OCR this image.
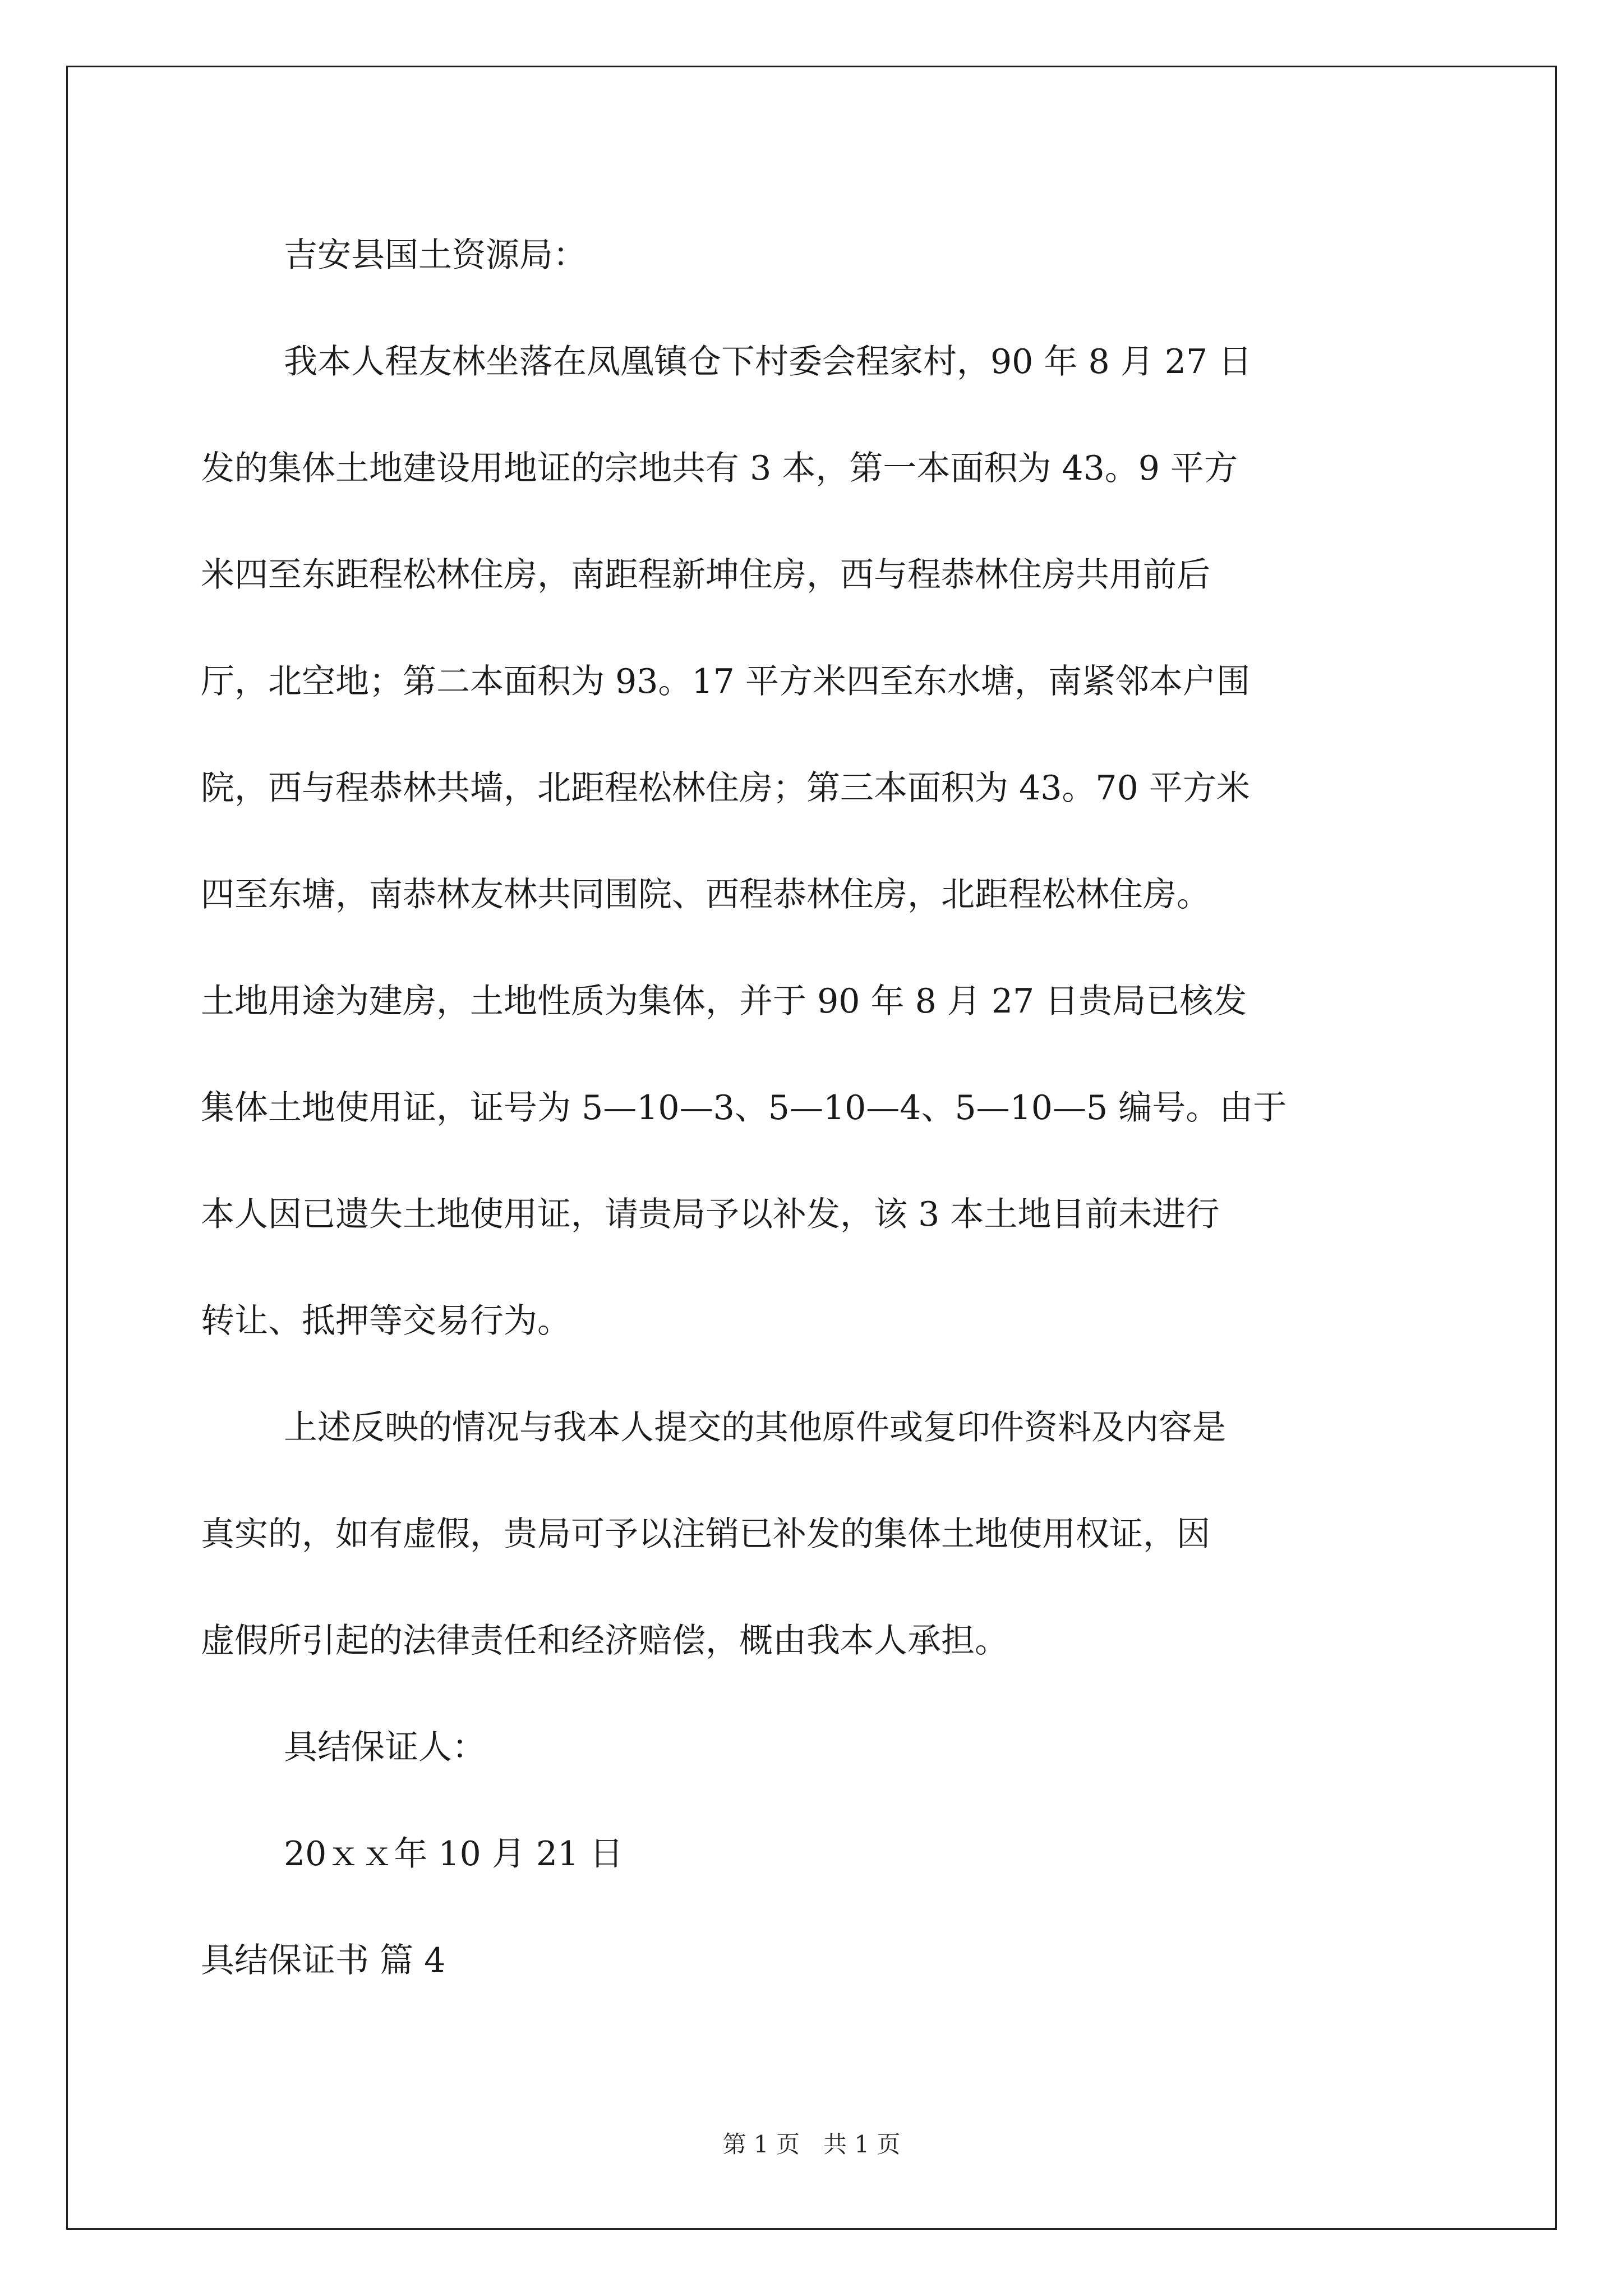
吉安县国土资源局：

我本人程友林坐落在凤凰镇仓下村委会程家村，90 年 8 月 27 日

发的集体土地建设用地证的宗地共有 3 本，第一本面积为 43。9 平方

米四至东距程松林住房，南距程新坤住房，西与程恭林住房共用前后

厅，北空地；第二本面积为 93。17 平方米四至东水塘，南紧邻本户围

院，西与程恭林共墙，北距程松林住房；第三本面积为 43。70 平方米

四至东塘，南恭林友林共同围院、西程恭林住房，北距程松林住房。

土地用途为建房，土地性质为集体，并于 90 年 8 月 27 日贵局已核发

集体土地使用证，证号为 5—10—3、5—10—4、5—10—5 编号。由于

本人因已遗失土地使用证，请贵局予以补发，该 3 本土地目前未进行

转让、抵押等交易行为。

上述反映的情况与我本人提交的其他原件或复印件资料及内容是

真实的，如有虚假，贵局可予以注销已补发的集体土地使用权证，因

虚假所引起的法律责任和经济赔偿，概由我本人承担。

具结保证人：

20ｘｘ年 10 月 21 日

具结保证书 篇 4

第 1 页　共 1 页
